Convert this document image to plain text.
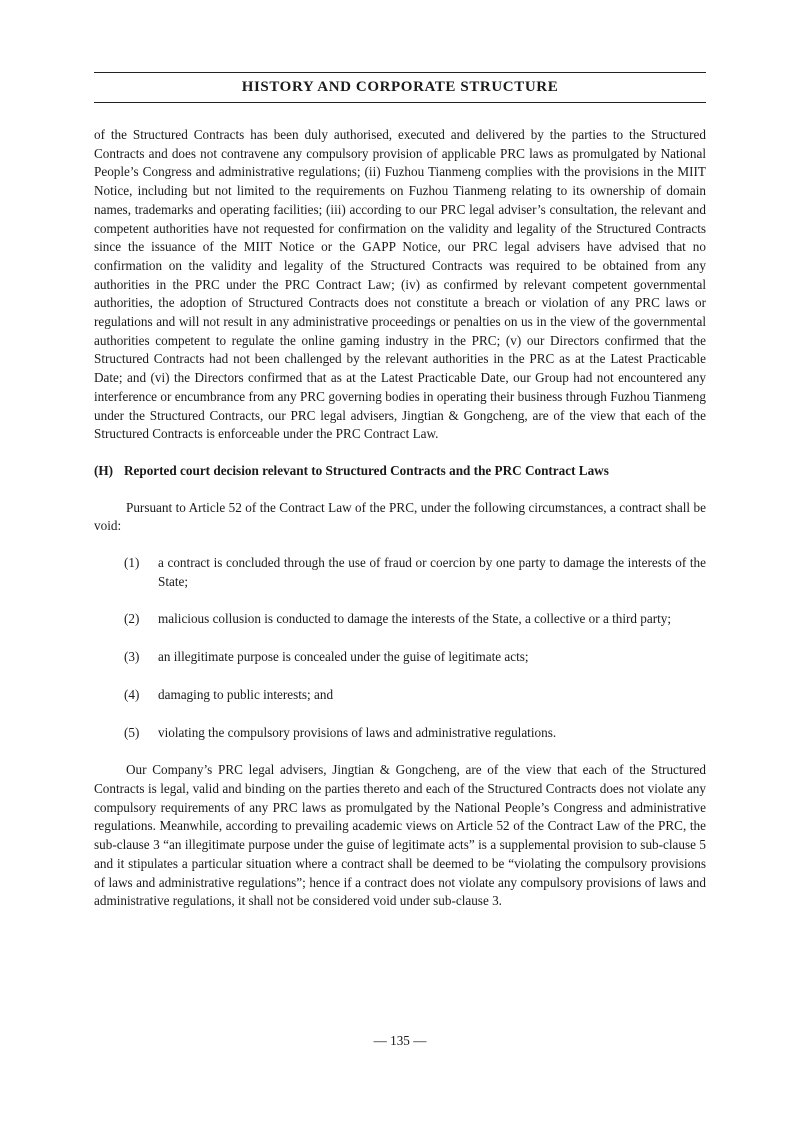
HISTORY AND CORPORATE STRUCTURE

of the Structured Contracts has been duly authorised, executed and delivered by the parties to the Structured Contracts and does not contravene any compulsory provision of applicable PRC laws as promulgated by National People’s Congress and administrative regulations; (ii) Fuzhou Tianmeng complies with the provisions in the MIIT Notice, including but not limited to the requirements on Fuzhou Tianmeng relating to its ownership of domain names, trademarks and operating facilities; (iii) according to our PRC legal adviser’s consultation, the relevant and competent authorities have not requested for confirmation on the validity and legality of the Structured Contracts since the issuance of the MIIT Notice or the GAPP Notice, our PRC legal advisers have advised that no confirmation on the validity and legality of the Structured Contracts was required to be obtained from any authorities in the PRC under the PRC Contract Law; (iv) as confirmed by relevant competent governmental authorities, the adoption of Structured Contracts does not constitute a breach or violation of any PRC laws or regulations and will not result in any administrative proceedings or penalties on us in the view of the governmental authorities competent to regulate the online gaming industry in the PRC; (v) our Directors confirmed that the Structured Contracts had not been challenged by the relevant authorities in the PRC as at the Latest Practicable Date; and (vi) the Directors confirmed that as at the Latest Practicable Date, our Group had not encountered any interference or encumbrance from any PRC governing bodies in operating their business through Fuzhou Tianmeng under the Structured Contracts, our PRC legal advisers, Jingtian & Gongcheng, are of the view that each of the Structured Contracts is enforceable under the PRC Contract Law.

(H) Reported court decision relevant to Structured Contracts and the PRC Contract Laws

Pursuant to Article 52 of the Contract Law of the PRC, under the following circumstances, a contract shall be void:

(1)	a contract is concluded through the use of fraud or coercion by one party to damage the interests of the State;
(2)	malicious collusion is conducted to damage the interests of the State, a collective or a third party;
(3)	an illegitimate purpose is concealed under the guise of legitimate acts;
(4)	damaging to public interests; and
(5)	violating the compulsory provisions of laws and administrative regulations.

Our Company’s PRC legal advisers, Jingtian & Gongcheng, are of the view that each of the Structured Contracts is legal, valid and binding on the parties thereto and each of the Structured Contracts does not violate any compulsory requirements of any PRC laws as promulgated by the National People’s Congress and administrative regulations. Meanwhile, according to prevailing academic views on Article 52 of the Contract Law of the PRC, the sub-clause 3 “an illegitimate purpose under the guise of legitimate acts” is a supplemental provision to sub-clause 5 and it stipulates a particular situation where a contract shall be deemed to be “violating the compulsory provisions of laws and administrative regulations”; hence if a contract does not violate any compulsory provisions of laws and administrative regulations, it shall not be considered void under sub-clause 3.

— 135 —
